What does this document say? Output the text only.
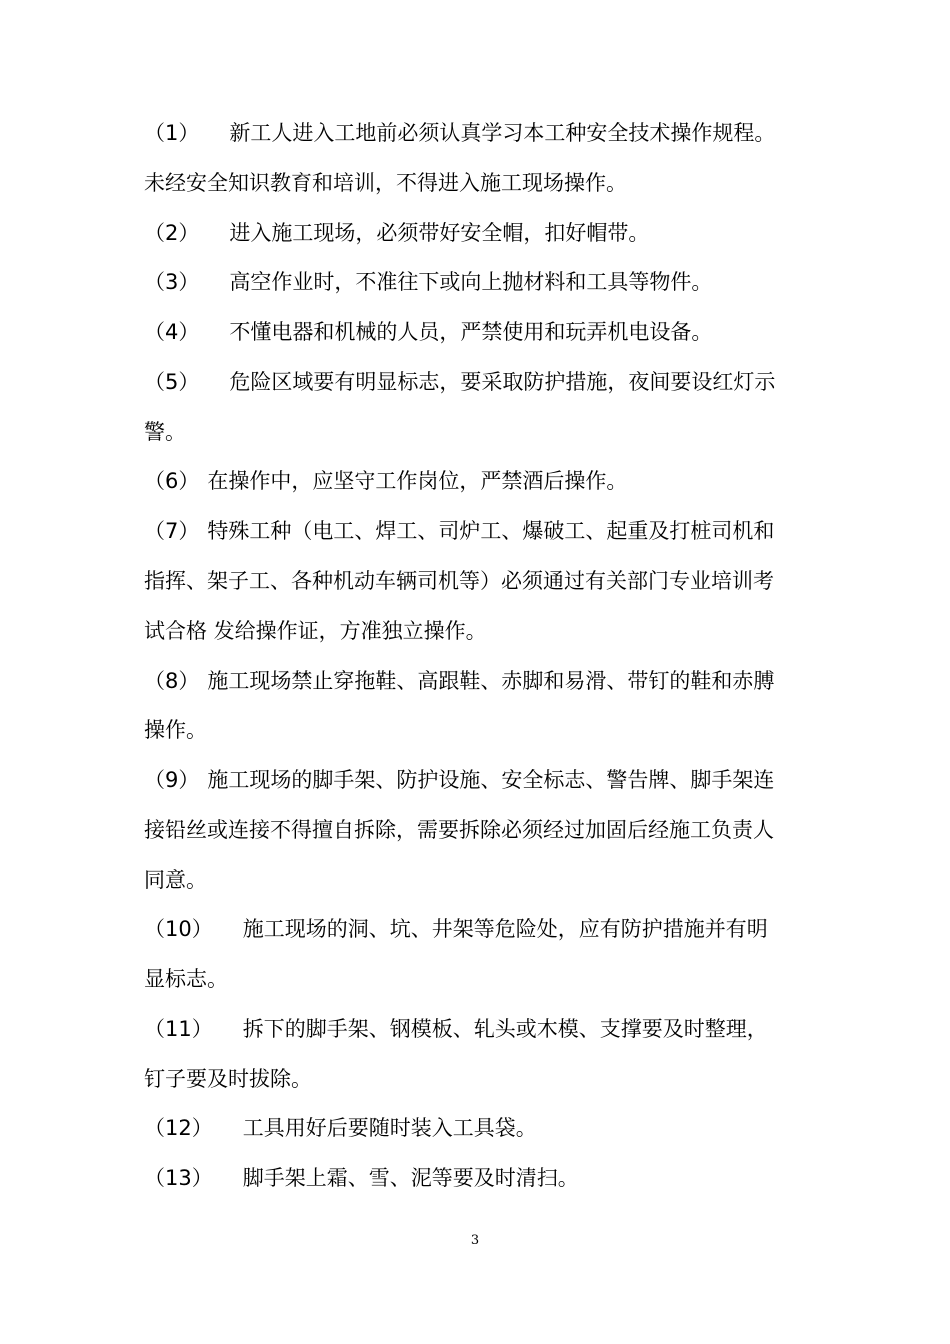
（1） 新工人进入工地前必须认真学习本工种安全技术操作规程。
未经安全知识教育和培训，不得进入施工现场操作。
（2） 进入施工现场，必须带好安全帽，扣好帽带。
（3） 高空作业时，不准往下或向上抛材料和工具等物件。
（4） 不懂电器和机械的人员，严禁使用和玩弄机电设备。
（5） 危险区域要有明显标志，要采取防护措施，夜间要设红灯示
警。
（6） 在操作中，应坚守工作岗位，严禁酒后操作。
（7） 特殊工种（电工、焊工、司炉工、爆破工、起重及打桩司机和
指挥、架子工、各种机动车辆司机等）必须通过有关部门专业培训考
试合格 发给操作证，方准独立操作。
（8） 施工现场禁止穿拖鞋、高跟鞋、赤脚和易滑、带钉的鞋和赤膊
操作。
（9） 施工现场的脚手架、防护设施、安全标志、警告牌、脚手架连
接铅丝或连接不得擅自拆除，需要拆除必须经过加固后经施工负责人
同意。
（10） 施工现场的洞、坑、井架等危险处，应有防护措施并有明
显标志。
（11） 拆下的脚手架、钢模板、轧头或木模、支撑要及时整理，
钉子要及时拔除。
（12） 工具用好后要随时装入工具袋。
（13） 脚手架上霜、雪、泥等要及时清扫。
3
